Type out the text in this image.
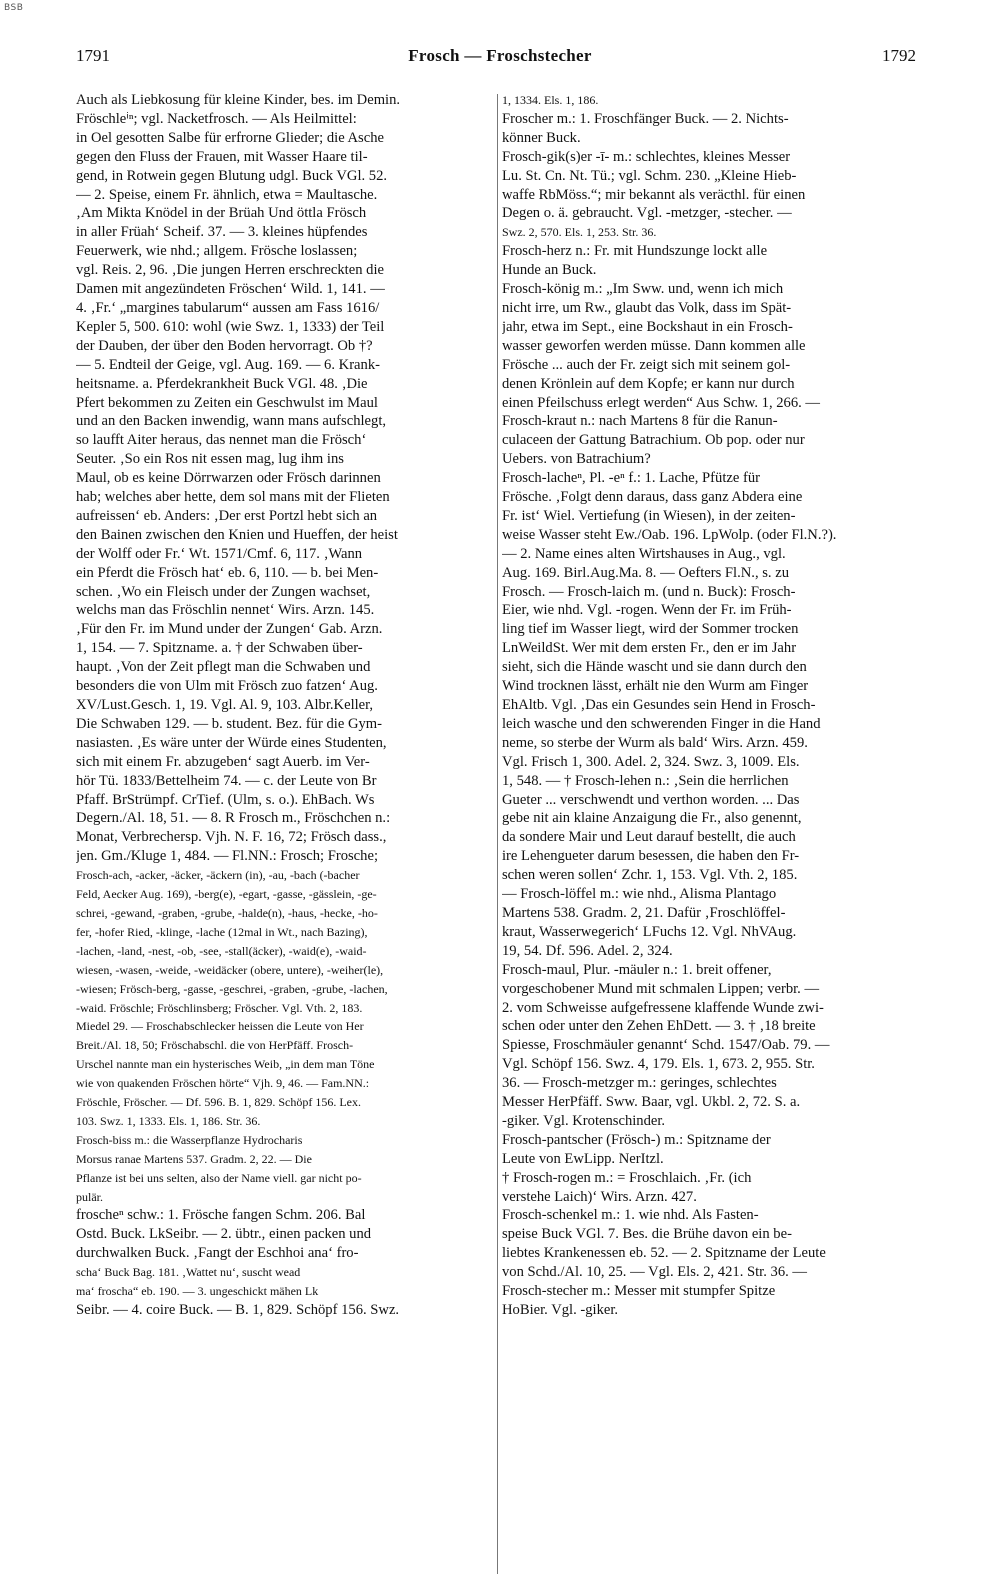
BSB
1791	Frosch — Froschstecher	1792
Auch als Liebkosung für kleine Kinder, bes. im Demin.
Fröschleⁱⁿ; vgl. Nacketfrosch. — Als Heilmittel:
in Oel gesotten Salbe für erfrorne Glieder; die Asche
gegen den Fluss der Frauen, mit Wasser Haare til-
gend, in Rotwein gegen Blutung udgl. Buck VGl. 52.
— 2. Speise, einem Fr. ähnlich, etwa = Maultasche.
‚Am Mikta Knödel in der Brüah Und öttla Frösch
in aller Früah‘ Scheif. 37. — 3. kleines hüpfendes
Feuerwerk, wie nhd.; allgem. Frösche loslassen;
vgl. Reis. 2, 96. ‚Die jungen Herren erschreckten die
Damen mit angezündeten Fröschen‘ Wild. 1, 141. —
4. ‚Fr.‘ „margines tabularum“ aussen am Fass 1616/
Kepler 5, 500. 610: wohl (wie Swz. 1, 1333) der Teil
der Dauben, der über den Boden hervorragt. Ob †?
— 5. Endteil der Geige, vgl. Aug. 169. — 6. Krank-
heitsname. a. Pferdekrankheit Buck VGl. 48. ‚Die
Pfert bekommen zu Zeiten ein Geschwulst im Maul
und an den Backen inwendig, wann mans aufschlegt,
so laufft Aiter heraus, das nennet man die Frösch‘
Seuter. ‚So ein Ros nit essen mag, lug ihm ins
Maul, ob es keine Dörrwarzen oder Frösch darinnen
hab; welches aber hette, dem sol mans mit der Flieten
aufreissen‘ eb. Anders: ‚Der erst Portzl hebt sich an
den Bainen zwischen den Knien und Hueffen, der heist
der Wolff oder Fr.‘ Wt. 1571/Cmf. 6, 117. ‚Wann
ein Pferdt die Frösch hat‘ eb. 6, 110. — b. bei Men-
schen. ‚Wo ein Fleisch under der Zungen wachset,
welchs man das Fröschlin nennet‘ Wirs. Arzn. 145.
‚Für den Fr. im Mund under der Zungen‘ Gab. Arzn.
1, 154. — 7. Spitzname. a. † der Schwaben über-
haupt. ‚Von der Zeit pflegt man die Schwaben und
besonders die von Ulm mit Frösch zuo fatzen‘ Aug.
XV/Lust.Gesch. 1, 19. Vgl. Al. 9, 103. Albr.Keller,
Die Schwaben 129. — b. student. Bez. für die Gym-
nasiasten. ‚Es wäre unter der Würde eines Studenten,
sich mit einem Fr. abzugeben‘ sagt Auerb. im Ver-
hör Tü. 1833/Bettelheim 74. — c. der Leute von Br
Pfaff. BrStrümpf. CrTief. (Ulm, s. o.). EhBach. Ws
Degern./Al. 18, 51. — 8. R Frosch m., Fröschchen n.:
Monat, Verbrechersp. Vjh. N. F. 16, 72; Frösch dass.,
jen. Gm./Kluge 1, 484. — Fl.NN.: Frosch; Frosche;
Frosch-ach, -acker, -äcker, -äckern (in), -au, -bach (-bacher
Feld, Aecker Aug. 169), -berg(e), -egart, -gasse, -gässlein, -ge-
schrei, -gewand, -graben, -grube, -halde(n), -haus, -hecke, -ho-
fer, -hofer Ried, -klinge, -lache (12mal in Wt., nach Bazing),
-lachen, -land, -nest, -ob, -see, -stall(äcker), -waid(e), -waid-
wiesen, -wasen, -weide, -weidäcker (obere, untere), -weiher(le),
-wiesen; Frösch-berg, -gasse, -geschrei, -graben, -grube, -lachen,
-waid. Fröschle; Fröschlinsberg; Fröscher. Vgl. Vth. 2, 183.
Miedel 29. — Froschabschlecker heissen die Leute von Her
Breit./Al. 18, 50; Fröschabschl. die von HerPfäff. Frosch-
Urschel nannte man ein hysterisches Weib, „in dem man Töne
wie von quakenden Fröschen hörte“ Vjh. 9, 46. — Fam.NN.:
Fröschle, Fröscher. — Df. 596. B. 1, 829. Schöpf 156. Lex.
103. Swz. 1, 1333. Els. 1, 186. Str. 36.
Frosch-biss m.: die Wasserpflanze Hydrocharis
Morsus ranae Martens 537. Gradm. 2, 22. — Die
Pflanze ist bei uns selten, also der Name viell. gar nicht po-
pulär.
froscheⁿ schw.: 1. Frösche fangen Schm. 206. Bal
Ostd. Buck. LkSeibr. — 2. übtr., einen packen und
durchwalken Buck. ‚Fangt der Eschhoi ana‘ fro-
scha‘ Buck Bag. 181. ‚Wattet nu‘, suscht wead
ma‘ froscha“ eb. 190. — 3. ungeschickt mähen Lk
Seibr. — 4. coire Buck. — B. 1, 829. Schöpf 156. Swz.
1, 1334. Els. 1, 186.
Froscher m.: 1. Froschfänger Buck. — 2. Nichts-
könner Buck.
Frosch-gik(s)er -ī- m.: schlechtes, kleines Messer
Lu. St. Cn. Nt. Tü.; vgl. Schm. 230. „Kleine Hieb-
waffe RbMöss.“; mir bekannt als veräcthl. für einen
Degen o. ä. gebraucht. Vgl. -metzger, -stecher. —
Swz. 2, 570. Els. 1, 253. Str. 36.
Frosch-herz n.: Fr. mit Hundszunge lockt alle
Hunde an Buck.
Frosch-könig m.: „Im Sww. und, wenn ich mich
nicht irre, um Rw., glaubt das Volk, dass im Spät-
jahr, etwa im Sept., eine Bockshaut in ein Frosch-
wasser geworfen werden müsse. Dann kommen alle
Frösche ... auch der Fr. zeigt sich mit seinem gol-
denen Krönlein auf dem Kopfe; er kann nur durch
einen Pfeilschuss erlegt werden“ Aus Schw. 1, 266. —
Frosch-kraut n.: nach Martens 8 für die Ranun-
culaceen der Gattung Batrachium. Ob pop. oder nur
Uebers. von Batrachium?
Frosch-lacheⁿ, Pl. -eⁿ f.: 1. Lache, Pfütze für
Frösche. ‚Folgt denn daraus, dass ganz Abdera eine
Fr. ist‘ Wiel. Vertiefung (in Wiesen), in der zeiten-
weise Wasser steht Ew./Oab. 196. LpWolp. (oder Fl.N.?).
— 2. Name eines alten Wirtshauses in Aug., vgl.
Aug. 169. Birl.Aug.Ma. 8. — Oefters Fl.N., s. zu
Frosch. — Frosch-laich m. (und n. Buck): Frosch-
Eier, wie nhd. Vgl. -rogen. Wenn der Fr. im Früh-
ling tief im Wasser liegt, wird der Sommer trocken
LnWeildSt. Wer mit dem ersten Fr., den er im Jahr
sieht, sich die Hände wascht und sie dann durch den
Wind trocknen lässt, erhält nie den Wurm am Finger
EhAltb. Vgl. ‚Das ein Gesundes sein Hend in Frosch-
leich wasche und den schwerenden Finger in die Hand
neme, so sterbe der Wurm als bald‘ Wirs. Arzn. 459.
Vgl. Frisch 1, 300. Adel. 2, 324. Swz. 3, 1009. Els.
1, 548. — † Frosch-lehen n.: ‚Sein die herrlichen
Gueter ... verschwendt und verthon worden. ... Das
gebe nit ain klaine Anzaigung die Fr., also genennt,
da sondere Mair und Leut darauf bestellt, die auch
ire Lehengueter darum besessen, die haben den Fr-
schen weren sollen‘ Zchr. 1, 153. Vgl. Vth. 2, 185.
— Frosch-löffel m.: wie nhd., Alisma Plantago
Martens 538. Gradm. 2, 21. Dafür ‚Froschlöffel-
kraut, Wasserwegerich‘ LFuchs 12. Vgl. NhVAug.
19, 54. Df. 596. Adel. 2, 324.
Frosch-maul, Plur. -mäuler n.: 1. breit offener,
vorgeschobener Mund mit schmalen Lippen; verbr. —
2. vom Schweisse aufgefressene klaffende Wunde zwi-
schen oder unter den Zehen EhDett. — 3. † ‚18 breite
Spiesse, Froschmäuler genannt‘ Schd. 1547/Oab. 79. —
Vgl. Schöpf 156. Swz. 4, 179. Els. 1, 673. 2, 955. Str.
36. — Frosch-metzger m.: geringes, schlechtes
Messer HerPfäff. Sww. Baar, vgl. Ukbl. 2, 72. S. a.
-giker. Vgl. Krotenschinder.
Frosch-pantscher (Frösch-) m.: Spitzname der
Leute von EwLipp. NerItzl.
† Frosch-rogen m.: = Froschlaich. ‚Fr. (ich
verstehe Laich)‘ Wirs. Arzn. 427.
Frosch-schenkel m.: 1. wie nhd. Als Fasten-
speise Buck VGl. 7. Bes. die Brühe davon ein be-
liebtes Krankenessen eb. 52. — 2. Spitzname der Leute
von Schd./Al. 10, 25. — Vgl. Els. 2, 421. Str. 36. —
Frosch-stecher m.: Messer mit stumpfer Spitze
HoBier. Vgl. -giker.
